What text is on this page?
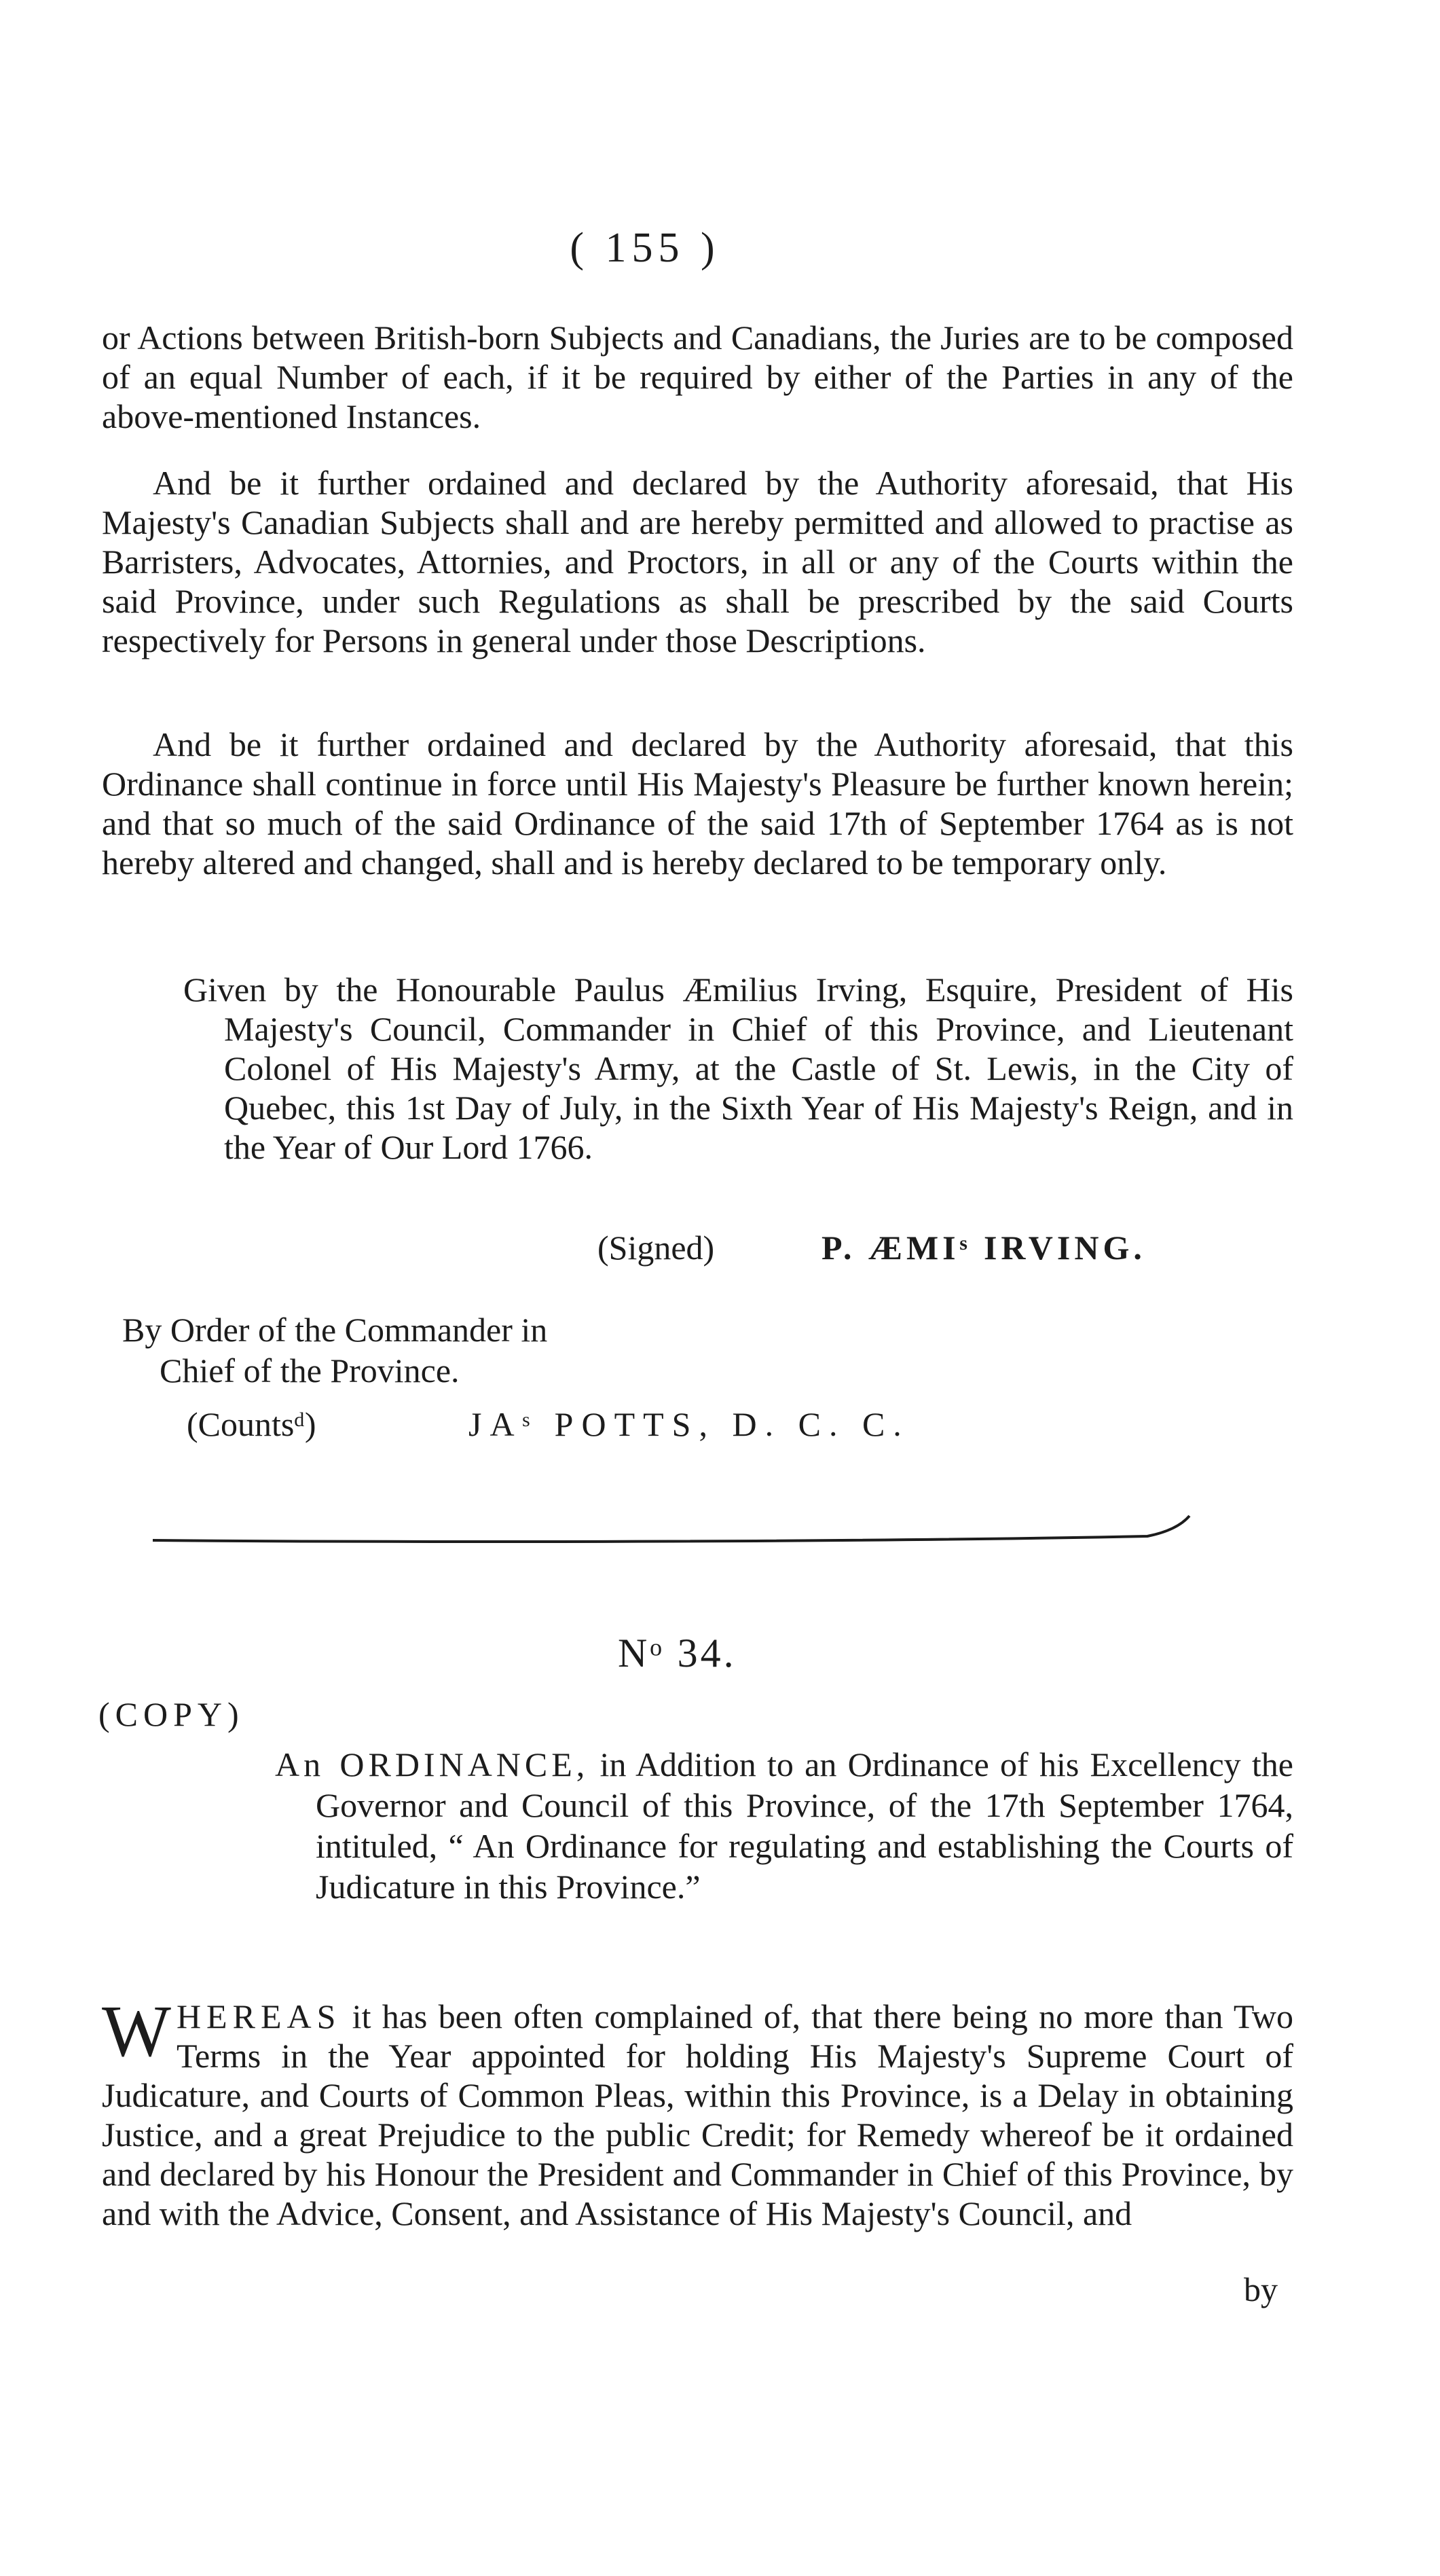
( 155 )

or Actions between British-born Subjects and Canadians, the Juries are to be composed of an equal Number of each, if it be required by either of the Parties in any of the above-mentioned Instances.

And be it further ordained and declared by the Authority aforesaid, that His Majesty's Canadian Subjects shall and are hereby permitted and allowed to practise as Barristers, Advocates, Attornies, and Proctors, in all or any of the Courts within the said Province, under such Regulations as shall be prescribed by the said Courts respectively for Persons in general under those Descriptions.

And be it further ordained and declared by the Authority aforesaid, that this Ordinance shall continue in force until His Majesty's Pleasure be further known herein; and that so much of the said Ordinance of the said 17th of September 1764 as is not hereby altered and changed, shall and is hereby declared to be temporary only.

Given by the Honourable Paulus Æmilius Irving, Esquire, President of His Majesty's Council, Commander in Chief of this Province, and Lieutenant Colonel of His Majesty's Army, at the Castle of St. Lewis, in the City of Quebec, this 1st Day of July, in the Sixth Year of His Majesty's Reign, and in the Year of Our Lord 1766.

(Signed)	P. ÆMIˢ IRVING.
By Order of the Commander in
Chief of the Province.
(Countsᵈ)	JAˢ POTTS, D. C. C.
Nᵒ 34.
(COPY)

An ORDINANCE, in Addition to an Ordinance of his Excellency the Governor and Council of this Province, of the 17th September 1764, intituled, “ An Ordinance for regulating and establishing the Courts of Judicature in this Province.”

W HEREAS it has been often complained of, that there being no more than Two Terms in the Year appointed for holding His Majesty's Supreme Court of Judicature, and Courts of Common Pleas, within this Province, is a Delay in obtaining Justice, and a great Prejudice to the public Credit; for Remedy whereof be it ordained and declared by his Honour the President and Commander in Chief of this Province, by and with the Advice, Consent, and Assistance of His Majesty's Council, and

by
